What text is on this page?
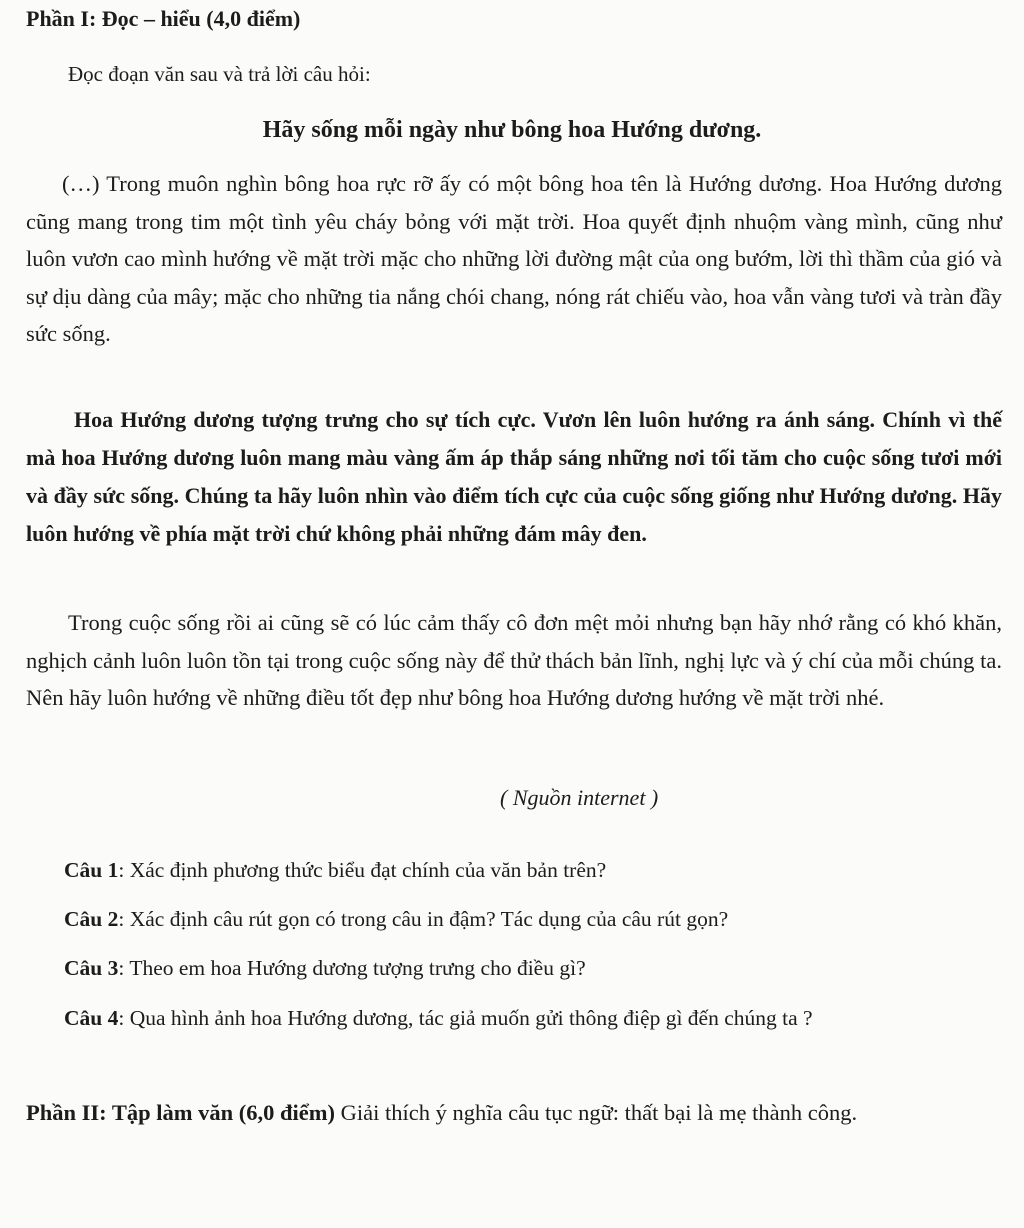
Phần I: Đọc – hiểu (4,0 điểm)
Đọc đoạn văn sau và trả lời câu hỏi:
Hãy sống mỗi ngày như bông hoa Hướng dương.

(…) Trong muôn nghìn bông hoa rực rỡ ấy có một bông hoa tên là Hướng dương. Hoa Hướng dương cũng mang trong tim một tình yêu cháy bỏng với mặt trời. Hoa quyết định nhuộm vàng mình, cũng như luôn vươn cao mình hướng về mặt trời mặc cho những lời đường mật của ong bướm, lời thì thầm của gió và sự dịu dàng của mây; mặc cho những tia nắng chói chang, nóng rát chiếu vào, hoa vẫn vàng tươi và tràn đầy sức sống.

Hoa Hướng dương tượng trưng cho sự tích cực. Vươn lên luôn hướng ra ánh sáng. Chính vì thế mà hoa Hướng dương luôn mang màu vàng ấm áp thắp sáng những nơi tối tăm cho cuộc sống tươi mới và đầy sức sống. Chúng ta hãy luôn nhìn vào điểm tích cực của cuộc sống giống như Hướng dương. Hãy luôn hướng về phía mặt trời chứ không phải những đám mây đen.

Trong cuộc sống rồi ai cũng sẽ có lúc cảm thấy cô đơn mệt mỏi nhưng bạn hãy nhớ rằng có khó khăn, nghịch cảnh luôn luôn tồn tại trong cuộc sống này để thử thách bản lĩnh, nghị lực và ý chí của mỗi chúng ta. Nên hãy luôn hướng về những điều tốt đẹp như bông hoa Hướng dương hướng về mặt trời nhé.

( Nguồn internet )
Câu 1: Xác định phương thức biểu đạt chính của văn bản trên?
Câu 2: Xác định câu rút gọn có trong câu in đậm? Tác dụng của câu rút gọn?
Câu 3: Theo em hoa Hướng dương tượng trưng cho điều gì?
Câu 4: Qua hình ảnh hoa Hướng dương, tác giả muốn gửi thông điệp gì đến chúng ta ?
Phần II: Tập làm văn (6,0 điểm) Giải thích ý nghĩa câu tục ngữ: thất bại là mẹ thành công.
